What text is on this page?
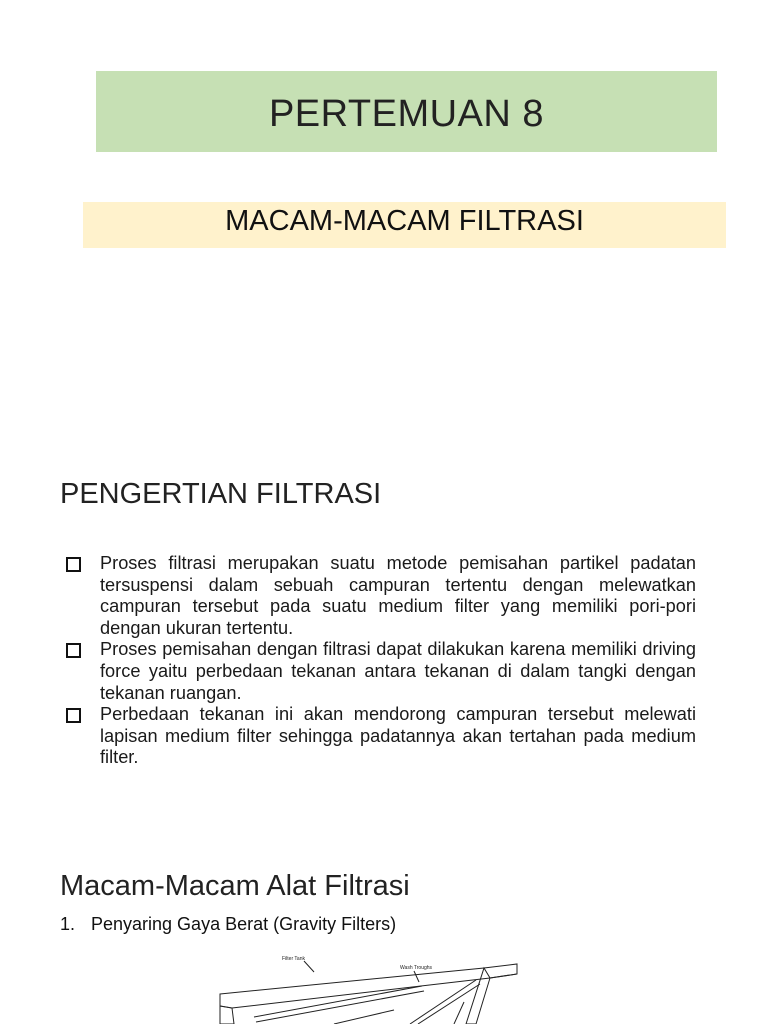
PERTEMUAN 8
MACAM-MACAM FILTRASI
PENGERTIAN FILTRASI
Proses filtrasi merupakan suatu metode pemisahan partikel padatan tersuspensi dalam sebuah campuran tertentu dengan melewatkan campuran tersebut pada suatu medium filter yang memiliki pori-pori dengan ukuran tertentu.
Proses pemisahan dengan filtrasi dapat dilakukan karena memiliki driving force yaitu perbedaan tekanan antara tekanan di dalam tangki dengan tekanan ruangan.
Perbedaan tekanan ini akan mendorong campuran tersebut melewati lapisan medium filter sehingga padatannya akan tertahan pada medium filter.
Macam-Macam Alat Filtrasi
1. Penyaring Gaya Berat (Gravity Filters)
Filter Tank
Wash Troughs
